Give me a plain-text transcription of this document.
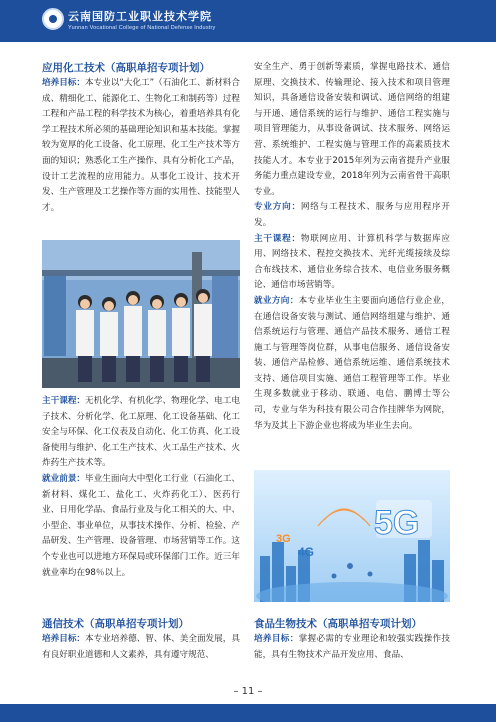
云南国防工业职业技术学院
Yunnan Vocational College of National Defense Industry
应用化工技术（高职单招专项计划）

培养目标：本专业以“大化工”（石油化工、新材料合成、精细化工、能源化工、生物化工和制药等）过程工程和产品工程的科学技术为核心，着重培养具有化学工程技术所必须的基础理论知识和基本技能。掌握较为宽厚的化工设备、化工原理、化工生产技术等方面的知识；熟悉化工生产操作、具有分析化工产品，设计工艺流程的应用能力。从事化工设计、技术开发、生产管理及工艺操作等方面的实用性、技能型人才。

主干课程：无机化学、有机化学、物理化学、电工电子技术、分析化学、化工原理、化工设备基础、化工安全与环保、化工仪表及自动化、化工仿真、化工设备使用与维护、化工生产技术、火工品生产技术、火炸药生产技术等。

就业前景：毕业生面向大中型化工行业（石油化工、新材料、煤化工、盐化工、火炸药化工）、医药行业、日用化学品、食品行业及与化工相关的大、中、小型企、事业单位，从事技术操作、分析、检验、产品研发、生产管理、设备管理、市场营销等工作。这个专业也可以进地方环保局或环保部门工作。近三年就业率均在98％以上。

通信技术（高职单招专项计划）

培养目标：本专业培养德、智、体、美全面发展，具有良好职业道德和人文素养，具有遵守规范、

安全生产、勇于创新等素质，掌握电路技术、通信原理、交换技术、传输理论、接入技术和项目管理知识，具备通信设备安装和调试、通信网络的组建与开通、通信系统的运行与维护、通信工程实施与项目管理能力，从事设备调试、技术服务、网络运营、系统维护、工程实施与管理工作的高素质技术技能人才。本专业于2015年列为云南省提升产业服务能力重点建设专业，2018年列为云南省骨干高职专业。

专业方向：网络与工程技术、服务与应用程序开发。

主干课程：物联网应用、计算机科学与数据库应用、网络技术、程控交换技术、光纤光缆接续及综合布线技术、通信业务综合技术、电信业务服务概论、通信市场营销等。

就业方向：本专业毕业生主要面向通信行业企业，在通信设备安装与测试、通信网络组建与维护、通信系统运行与管理、通信产品技术服务、通信工程施工与管理等岗位群，从事电信服务、通信设备安装、通信产品检修、通信系统运维、通信系统技术支持、通信项目实施、通信工程管理等工作。毕业生现多数就业于移动、联通、电信、鹏博士等公司，专业与华为科技有限公司合作挂牌华为网院，华为及其上下游企业也将成为毕业生去向。

5G
3G
4G
食品生物技术（高职单招专项计划）

培养目标：掌握必需的专业理论和较强实践操作技能，具有生物技术产品开发应用、食品、

– 11 –
